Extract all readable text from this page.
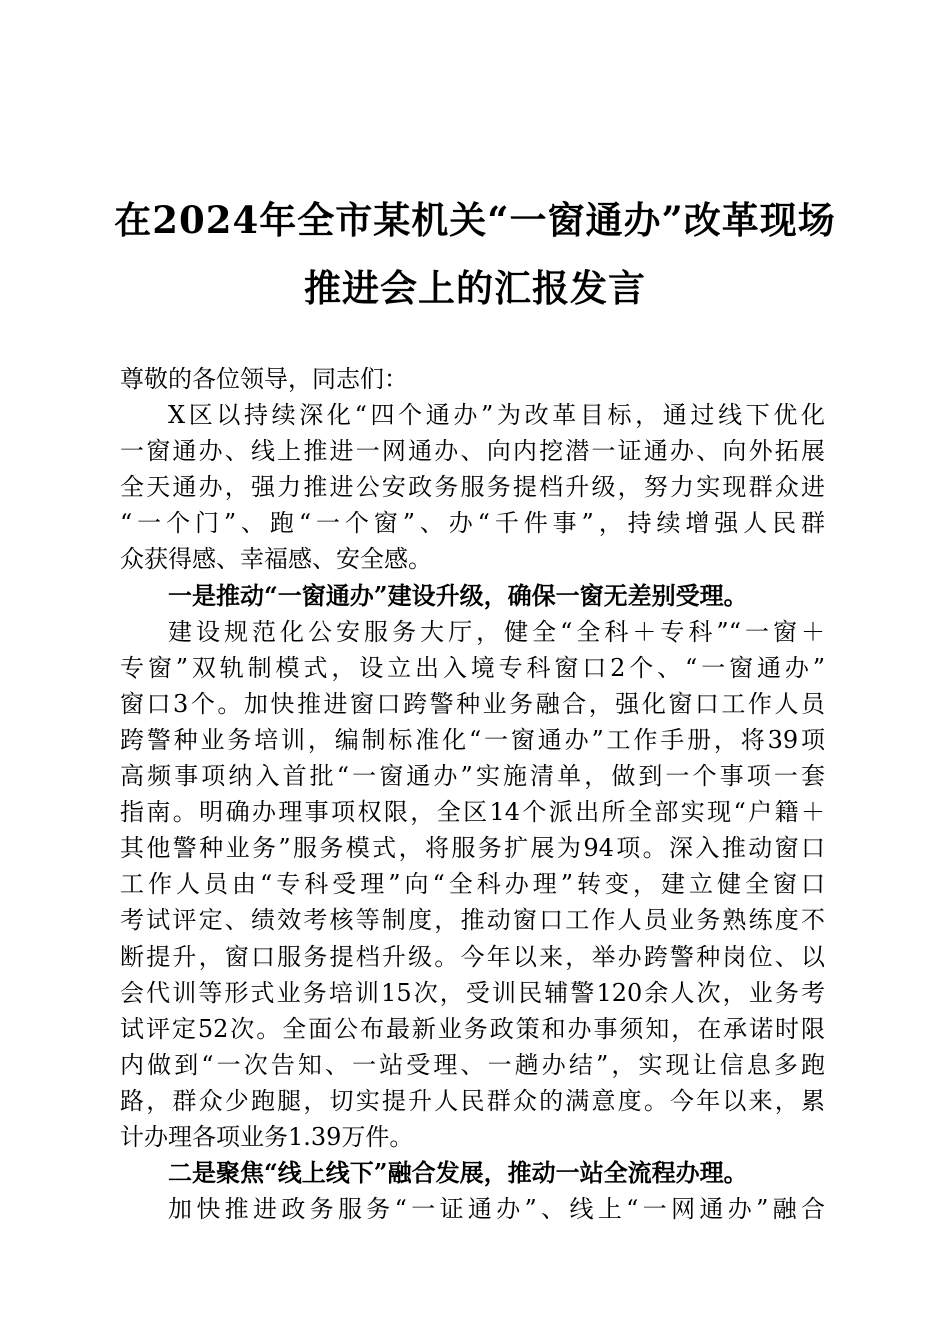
在2024年全市某机关“一窗通办”改革现场
推进会上的汇报发言
尊敬的各位领导，同志们：
X区以持续深化“四个通办”为改革目标，通过线下优化
一窗通办、线上推进一网通办、向内挖潜一证通办、向外拓展
全天通办，强力推进公安政务服务提档升级，努力实现群众进
“一个门”、跑“一个窗”、办“千件事”，持续增强人民群
众获得感、幸福感、安全感。
一是推动“一窗通办”建设升级，确保一窗无差别受理。
建设规范化公安服务大厅，健全“全科＋专科”“一窗＋
专窗”双轨制模式，设立出入境专科窗口2个、“一窗通办”
窗口3个。加快推进窗口跨警种业务融合，强化窗口工作人员
跨警种业务培训，编制标准化“一窗通办”工作手册，将39项
高频事项纳入首批“一窗通办”实施清单，做到一个事项一套
指南。明确办理事项权限，全区14个派出所全部实现“户籍＋
其他警种业务”服务模式，将服务扩展为94项。深入推动窗口
工作人员由“专科受理”向“全科办理”转变，建立健全窗口
考试评定、绩效考核等制度，推动窗口工作人员业务熟练度不
断提升，窗口服务提档升级。今年以来，举办跨警种岗位、以
会代训等形式业务培训15次，受训民辅警120余人次，业务考
试评定52次。全面公布最新业务政策和办事须知，在承诺时限
内做到“一次告知、一站受理、一趟办结”，实现让信息多跑
路，群众少跑腿，切实提升人民群众的满意度。今年以来，累
计办理各项业务1.39万件。
二是聚焦“线上线下”融合发展，推动一站全流程办理。
加快推进政务服务“一证通办”、线上“一网通办”融合
